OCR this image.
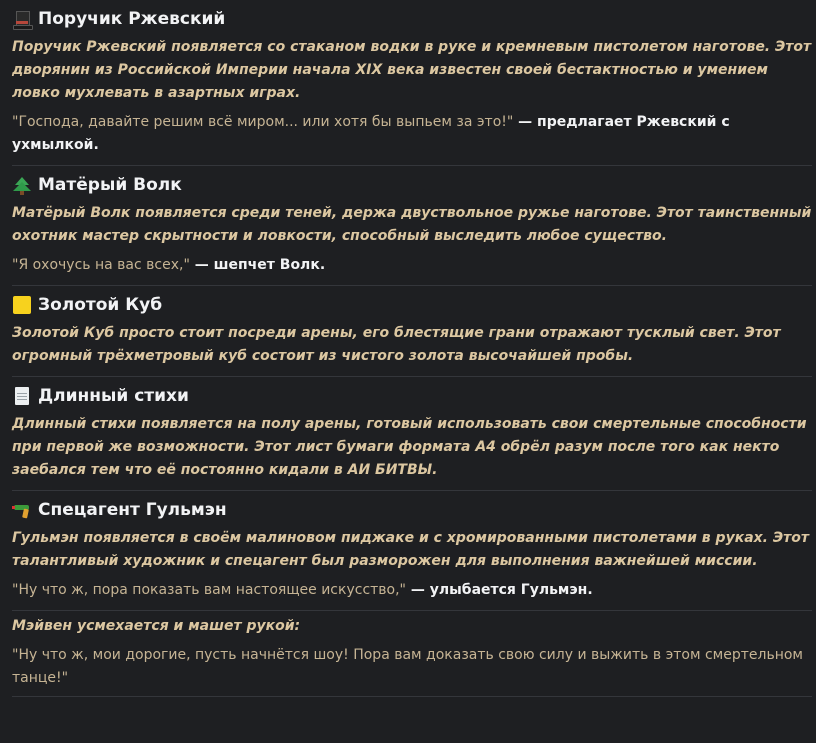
Поручик Ржевский
Поручик Ржевский появляется со стаканом водки в руке и кремневым пистолетом наготове. Этот дворянин из Российской Империи начала XIX века известен своей бестактностью и умением ловко мухлевать в азартных играх.
"Господа, давайте решим всё миром... или хотя бы выпьем за это!" — предлагает Ржевский с ухмылкой.
Матёрый Волк
Матёрый Волк появляется среди теней, держа двуствольное ружье наготове. Этот таинственный охотник мастер скрытности и ловкости, способный выследить любое существо.
"Я охочусь на вас всех," — шепчет Волк.
Золотой Куб
Золотой Куб просто стоит посреди арены, его блестящие грани отражают тусклый свет. Этот огромный трёхметровый куб состоит из чистого золота высочайшей пробы.
Длинный стихи
Длинный стихи появляется на полу арены, готовый использовать свои смертельные способности при первой же возможности. Этот лист бумаги формата А4 обрёл разум после того как некто заебался тем что её постоянно кидали в АИ БИТВЫ.
Спецагент Гульмэн
Гульмэн появляется в своём малиновом пиджаке и с хромированными пистолетами в руках. Этот талантливый художник и спецагент был разморожен для выполнения важнейшей миссии.
"Ну что ж, пора показать вам настоящее искусство," — улыбается Гульмэн.
Мэйвен усмехается и машет рукой:
"Ну что ж, мои дорогие, пусть начнётся шоу! Пора вам доказать свою силу и выжить в этом смертельном танце!"
